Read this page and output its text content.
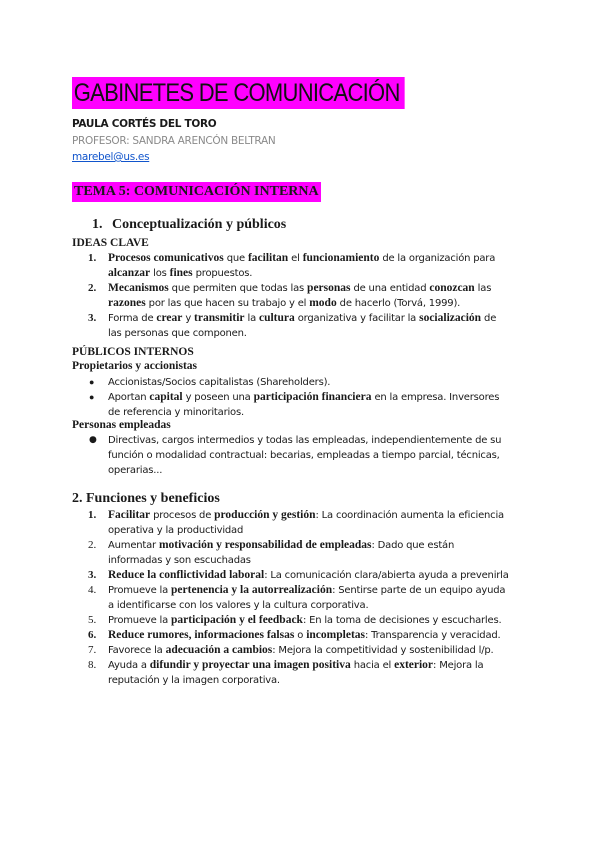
GABINETES DE COMUNICACIÓN
PAULA CORTÉS DEL TORO
PROFESOR: SANDRA ARENCÓN BELTRAN
marebel@us.es
TEMA 5: COMUNICACIÓN INTERNA
1. Conceptualización y públicos
IDEAS CLAVE
1. Procesos comunicativos que facilitan el funcionamiento de la organización para
alcanzar los fines propuestos.
2. Mecanismos que permiten que todas las personas de una entidad conozcan las
razones por las que hacen su trabajo y el modo de hacerlo (Torvá, 1999).
3. Forma de crear y transmitir la cultura organizativa y facilitar la socialización de
las personas que componen.
PÚBLICOS INTERNOS
Propietarios y accionistas
● Accionistas/Socios capitalistas (Shareholders).
● Aportan capital y poseen una participación financiera en la empresa. Inversores
de referencia y minoritarios.
Personas empleadas
● Directivas, cargos intermedios y todas las empleadas, independientemente de su
función o modalidad contractual: becarias, empleadas a tiempo parcial, técnicas,
operarias...
2. Funciones y beneficios
1. Facilitar procesos de producción y gestión: La coordinación aumenta la eficiencia
operativa y la productividad
2. Aumentar motivación y responsabilidad de empleadas: Dado que están
informadas y son escuchadas
3. Reduce la conflictividad laboral: La comunicación clara/abierta ayuda a prevenirla
4. Promueve la pertenencia y la autorrealización: Sentirse parte de un equipo ayuda
a identificarse con los valores y la cultura corporativa.
5. Promueve la participación y el feedback: En la toma de decisiones y escucharles.
6. Reduce rumores, informaciones falsas o incompletas: Transparencia y veracidad.
7. Favorece la adecuación a cambios: Mejora la competitividad y sostenibilidad l/p.
8. Ayuda a difundir y proyectar una imagen positiva hacia el exterior: Mejora la
reputación y la imagen corporativa.
